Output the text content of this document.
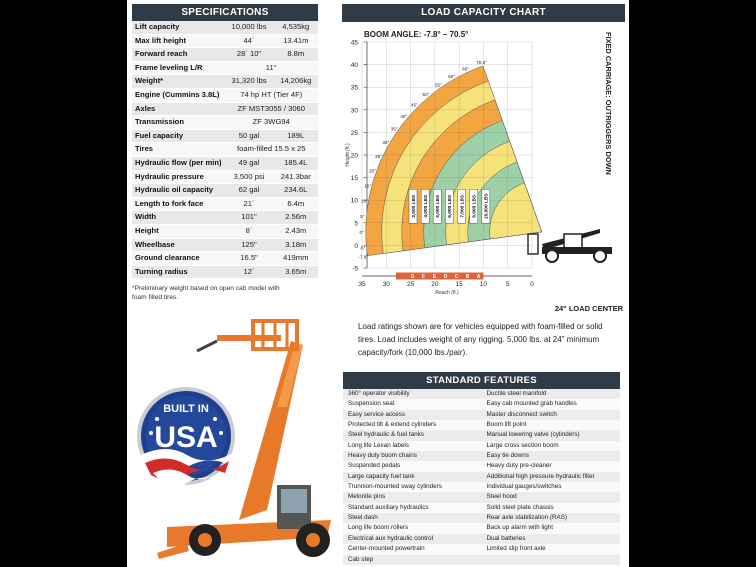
SPECIFICATIONS
Lift capacity	10,000 lbs	4,535kg
Max lift height	44´	13.41m
Forward reach	28´ 10"	8.8m
Frame leveling L/R	11°	
Weight*	31,320 lbs	14,206kg
Engine (Cummins 3.8L)	74 hp HT (Tier 4F)	
Axles	ZF MST3055 / 3060	
Transmission	ZF 3WG94	
Fuel capacity	50 gal	189L
Tires	foam-filled 15.5 x 25	
Hydraulic flow (per min)	49 gal	185.4L
Hydraulic pressure	3,500 psi	241.3bar
Hydraulic oil capacity	62 gal	234.6L
Length to fork face	21´	6.4m
Width	101"	2.56m
Height	8´	2.43m
Wheelbase	125"	3.18m
Ground clearance	16.5"	419mm
Turning radius	12´	3.65m
*Preliminary weight based on open cab model with foam filled tires.
LOAD CAPACITY CHART
BOOM ANGLE: -7.8° – 70.5°	FIXED CARRIAGE: OUTRIGGERS DOWN
45
40
35
30
25
20
15
10
5
0
-5
Height (ft.)
35	30	25	20	15	10	5	0
Reach (ft.)
70.5°
65°
60°
55°
50°
45°
40°
35°
30°
25°
20°
15°
10°
5°
0°
-5°
-7.8°
A
B
C
D
E
F
G
3,500 LBS 4,000 LBS 5,000 LBS 6,000 LBS 7,000 LBS 8,000 LBS 10,000 LBS
24" LOAD CENTER
Load ratings shown are for vehicles equipped with foam-filled or solid tires. Load includes weight of any rigging. 5,000 lbs. at 24" minimum capacity/fork (10,000 lbs./pair).
STANDARD FEATURES
360° operator visibility	Ductile steel manifold
Suspension seat	Easy cab mounted grab handles
Easy service access	Master disconnect switch
Protected tilt & extend cylinders	Boom lift point
Steel hydraulic & fuel tanks	Manual lowering valve (cylinders)
Long life Lexan labels	Large cross section boom
Heavy duty boom chains	Easy tie downs
Suspended pedals	Heavy duty pre-cleaner
Large capacity fuel tank	Additional high pressure hydraulic filter
Trunnion-mounted sway cylinders	Individual gauges/switches
Melonite pins	Steel hood
Standard auxiliary hydraulics	Solid steel plate chassis
Steel dash	Rear axle stabilization (RAS)
Long life boom rollers	Back up alarm with light
Electrical aux hydraulic control	Dual batteries
Center-mounted powertrain	Limited slip front axle
Cab step	
BUILT IN
USA
